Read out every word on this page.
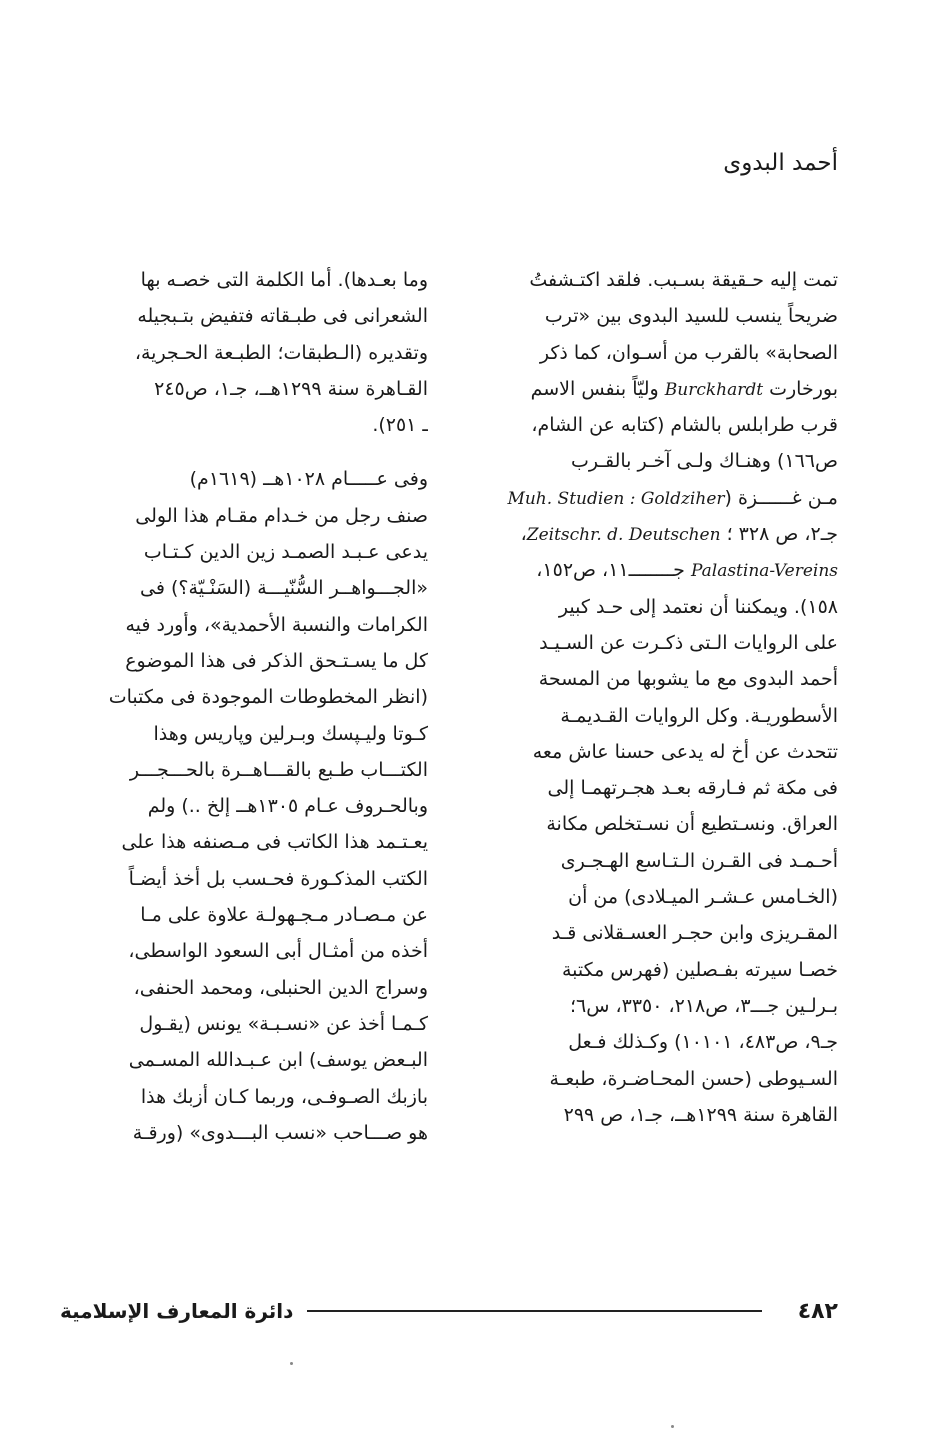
أحمد البدوى
تمت إليه حـقيقة بسـبب. فلقد اكتـشفتُ
ضريحاً ينسب للسيد البدوى بين «ترب
الصحابة» بالقرب من أسـوان، كما ذكر
بورخارت Burckhardt وليّاً بنفس الاسم
قرب طرابلس بالشام (كتابه عن الشام،
ص١٦٦) وهنـاك ولـى آخـر بالقـرب
مـن غــــــزة (Muh. Studien : Goldziher
جـ٢، ص ٣٢٨ ؛ Zeitschr. d. Deutschen،
Palastina-Vereins جــــــــ١١، ص١٥٢،
١٥٨). ويمكننا أن نعتمد إلى حـد كبير
على الروايات الـتى ذكـرت عن السـيـد
أحمد البدوى مع ما يشوبها من المسحة
الأسطوريـة. وكل الروايات القـديمـة
تتحدث عن أخ له يدعى حسنا عاش معه
فى مكة ثم فـارقه بعـد هجـرتهمـا إلى
العراق. ونسـتطيع أن نسـتخلص مكانة
أحـمـد فى القـرن الـتـاسع الهـجـرى
(الخـامس عـشـر الميـلادى) من أن
المقـريزى وابن حجـر العسـقلانى قـد
خصـا سيرته بفـصلين (فهرس مكتبة
بـرلـين جـــ٣، ص٢١٨، ٣٣٥٠، س٦؛
جـ٩، ص٤٨٣، ١٠١٠١) وكـذلك فـعل
السـيوطى (حسن المحـاضـرة، طبعـة
القاهرة سنة ١٢٩٩هــ، جـ١، ص ٢٩٩
وما بعـدها). أما الكلمة التى خصـه بها
الشعرانى فى طبـقاته فتفيض بتـبجيله
وتقديره (الـطبقات؛ الطبـعة الحـجرية،
القـاهرة سنة ١٢٩٩هــ، جـ١، ص٢٤٥
ـ ٢٥١).
وفى عـــــام ١٠٢٨هــ (١٦١٩م)
صنف رجل من خـدام مقـام هذا الولى
يدعى عـبـد الصمـد زين الدين كـتـاب
«الجـــواهــر السُّنّيـــة (السَنْـيّة؟) فى
الكرامات والنسبة الأحمدية»، وأورد فيه
كل ما يسـتـحق الذكر فى هذا الموضوع
(انظر المخطوطات الموجودة فى مكتبات
كـوتا وليـپسك وبـرلين وپاريس وهذا
الكتـــاب طـبع بالقـــاهــرة بالحـــجـــر
وبالحـروف عـام ١٣٠٥هــ إلخ ..) ولم
يعـتـمد هذا الكاتب فى مـصنفه هذا على
الكتب المذكـورة فحـسب بل أخذ أيضـاً
عن مـصـادر مـجـهولـة علاوة على مـا
أخذه من أمثـال أبى السعود الواسطى،
وسراج الدين الحنبلى، ومحمد الحنفى،
كـمـا أخذ عن «نسـبـة» يونس (يقـول
البـعض يوسف) ابن عـبـدالله المسـمى
بازبك الصـوفـى، وربما كـان أزبك هذا
هو صـــاحب «نسب البـــدوى» (ورقـة
٤٨٢
دائرة المعارف الإسلامية
